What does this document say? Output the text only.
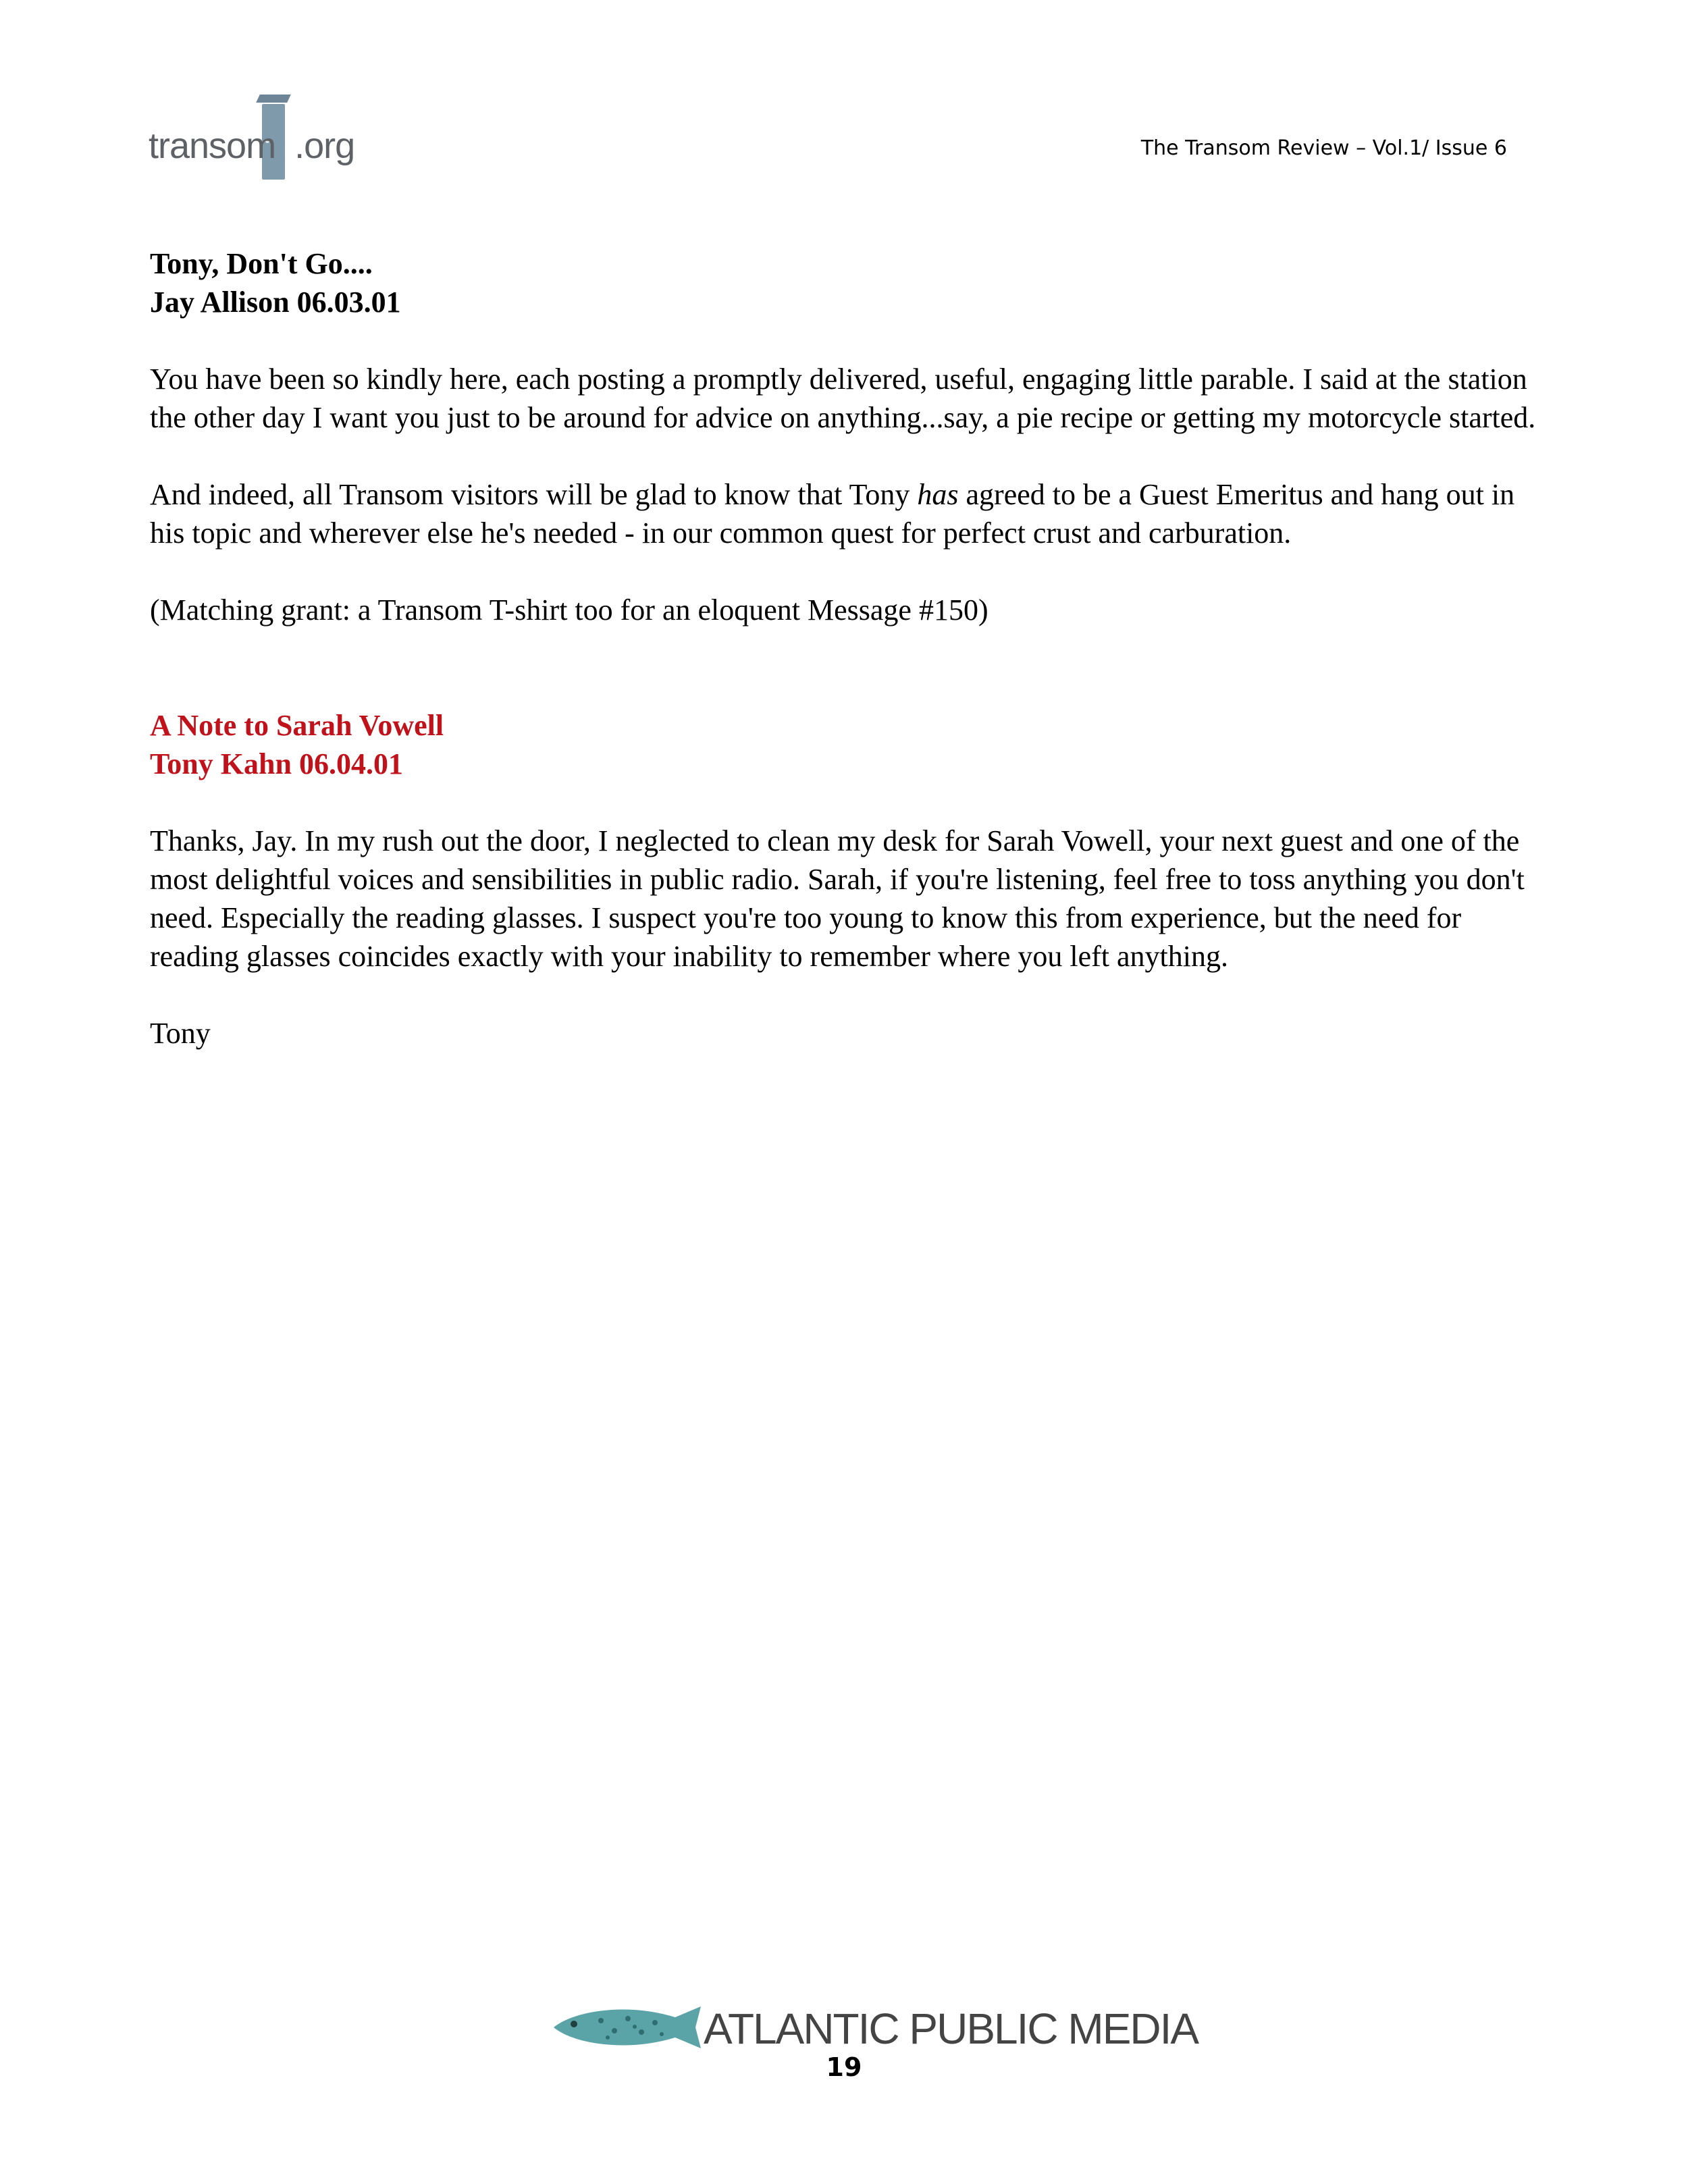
transom .org	The Transom Review – Vol.1/ Issue 6
Tony, Don't Go....
Jay Allison 06.03.01

You have been so kindly here, each posting a promptly delivered, useful, engaging little parable. I said at the station the other day I want you just to be around for advice on anything...say, a pie recipe or getting my motorcycle started.

And indeed, all Transom visitors will be glad to know that Tony has agreed to be a Guest Emeritus and hang out in his topic and wherever else he's needed - in our common quest for perfect crust and carburation.

(Matching grant: a Transom T-shirt too for an eloquent Message #150)

A Note to Sarah Vowell
Tony Kahn 06.04.01

Thanks, Jay. In my rush out the door, I neglected to clean my desk for Sarah Vowell, your next guest and one of the most delightful voices and sensibilities in public radio. Sarah, if you're listening, feel free to toss anything you don't need. Especially the reading glasses. I suspect you're too young to know this from experience, but the need for reading glasses coincides exactly with your inability to remember where you left anything.

Tony

ATLANTIC PUBLIC MEDIA
19
